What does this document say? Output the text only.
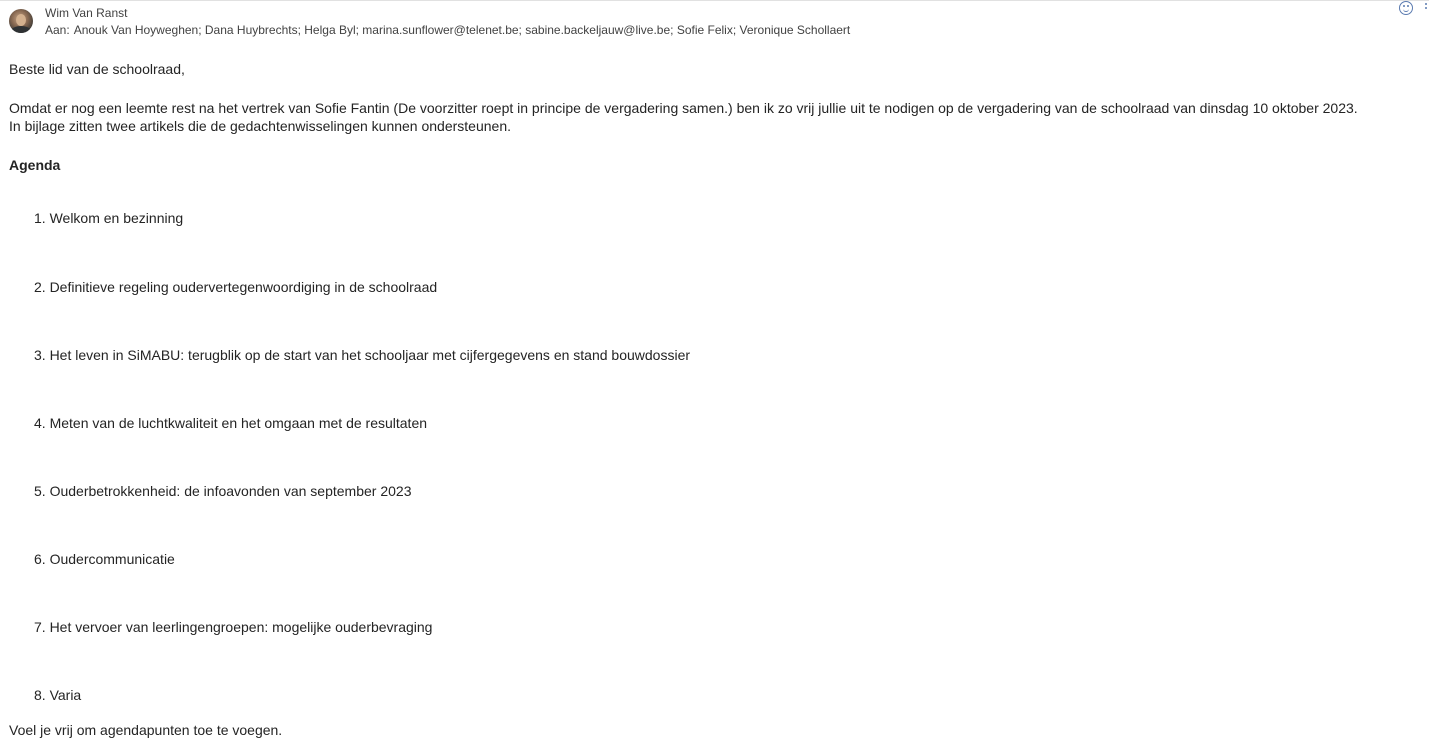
Wim Van Ranst
Aan: Anouk Van Hoyweghen; Dana Huybrechts; Helga Byl; marina.sunflower@telenet.be; sabine.backeljauw@live.be; Sofie Felix; Veronique Schollaert

Beste lid van de schoolraad,

Omdat er nog een leemte rest na het vertrek van Sofie Fantin (De voorzitter roept in principe de vergadering samen.) ben ik zo vrij jullie uit te nodigen op de vergadering van de schoolraad van dinsdag 10 oktober 2023.

In bijlage zitten twee artikels die de gedachtenwisselingen kunnen ondersteunen.

Agenda

1. Welkom en bezinning
2. Definitieve regeling oudervertegenwoordiging in de schoolraad
3. Het leven in SiMABU: terugblik op de start van het schooljaar met cijfergegevens en stand bouwdossier
4. Meten van de luchtkwaliteit en het omgaan met de resultaten
5. Ouderbetrokkenheid: de infoavonden van september 2023
6. Oudercommunicatie
7. Het vervoer van leerlingengroepen: mogelijke ouderbevraging
8. Varia

Voel je vrij om agendapunten toe te voegen.
